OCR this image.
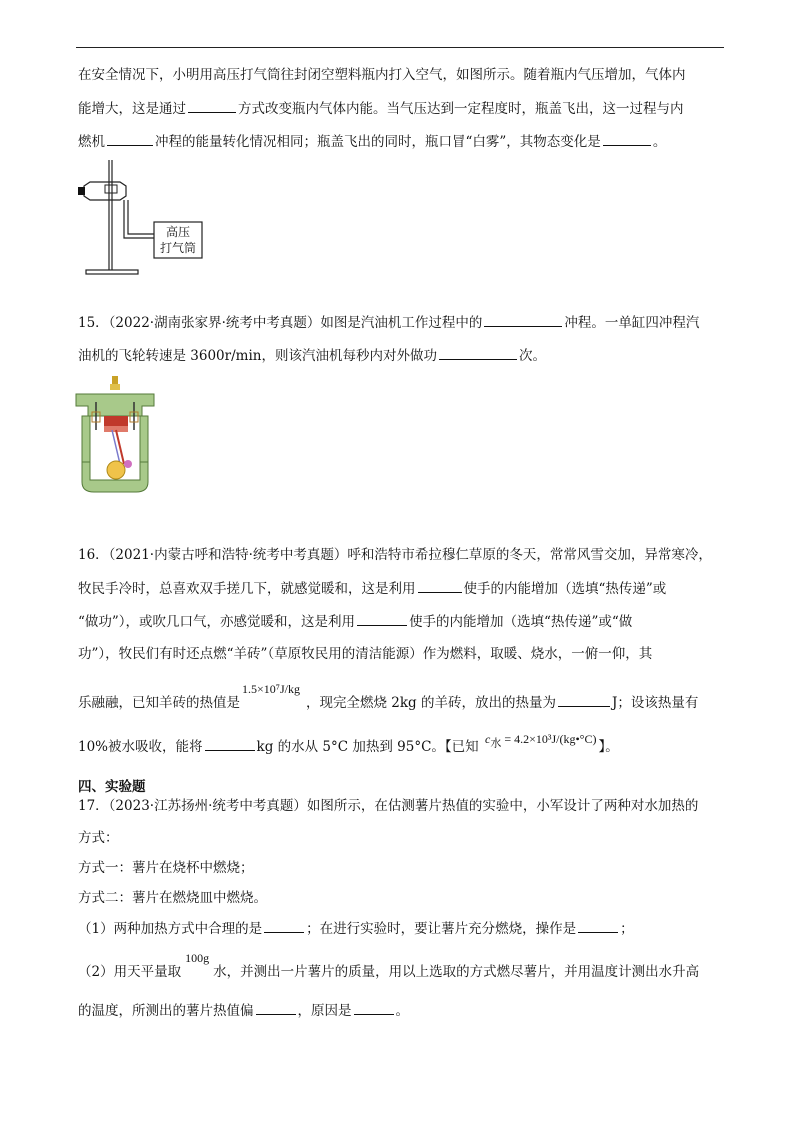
在安全情况下，小明用高压打气筒往封闭空塑料瓶内打入空气，如图所示。随着瓶内气压增加，气体内
能增大，这是通过	方式改变瓶内气体内能。当气压达到一定程度时，瓶盖飞出，这一过程与内
燃机	冲程的能量转化情况相同；瓶盖飞出的同时，瓶口冒“白雾”，其物态变化是	。
高压
打气筒
15．（2022·湖南张家界·统考中考真题）如图是汽油机工作过程中的	冲程。一单缸四冲程汽
油机的飞轮转速是 3600r/min，则该汽油机每秒内对外做功	次。
16．（2021·内蒙古呼和浩特·统考中考真题）呼和浩特市希拉穆仁草原的冬天，常常风雪交加，异常寒冷，
牧民手冷时，总喜欢双手搓几下，就感觉暖和，这是利用	使手的内能增加（选填“热传递”或
“做功”），或吹几口气，亦感觉暖和，这是利用	使手的内能增加（选填“热传递”或“做
功”），牧民们有时还点燃“羊砖”（草原牧民用的清洁能源）作为燃料，取暖、烧水，一俯一仰，其
乐融融，已知羊砖的热值是1.5×10⁷J/kg，现完全燃烧 2kg 的羊砖，放出的热量为	J；设该热量有
10%被水吸收，能将	kg 的水从 5°C 加热到 95°C。【已知 $c_水$ = 4.2×10³J/(kg•°C) 】。
四、实验题
17．（2023·江苏扬州·统考中考真题）如图所示，在估测薯片热值的实验中，小军设计了两种对水加热的
方式：
方式一：薯片在烧杯中燃烧；
方式二：薯片在燃烧皿中燃烧。
（1）两种加热方式中合理的是	；在进行实验时，要让薯片充分燃烧，操作是	；
（2）用天平量取100g水，并测出一片薯片的质量，用以上选取的方式燃尽薯片，并用温度计测出水升高
的温度，所测出的薯片热值偏	，原因是	。
